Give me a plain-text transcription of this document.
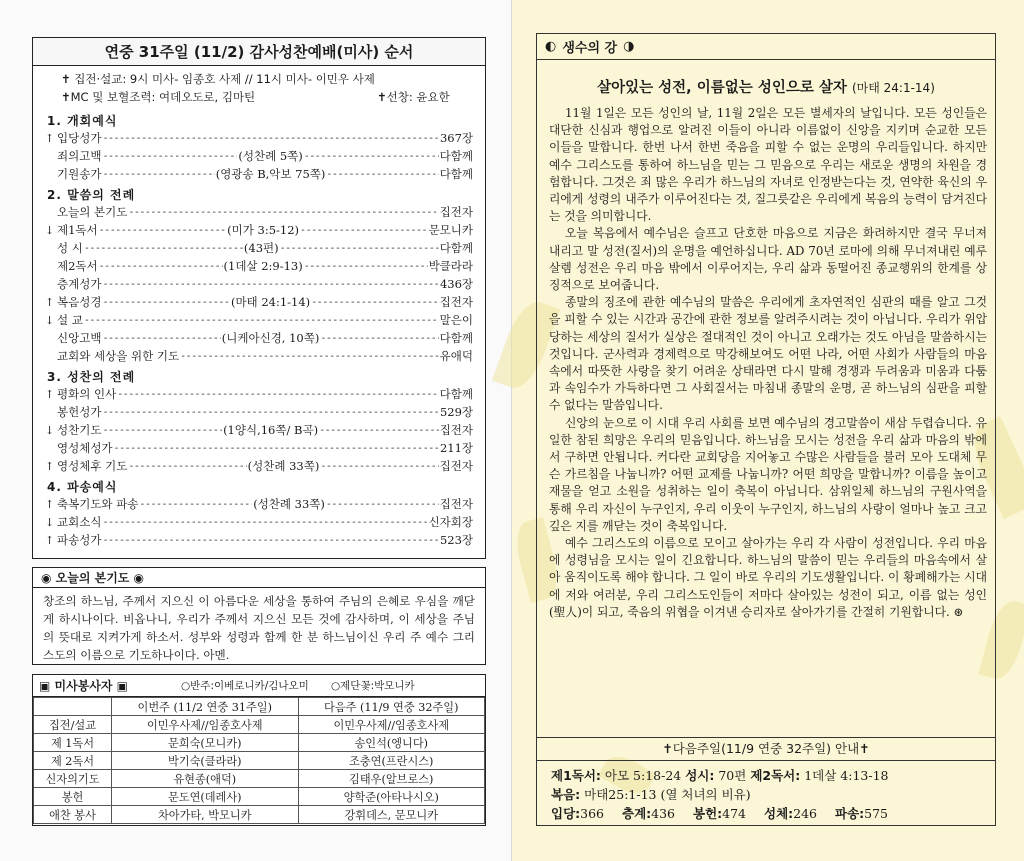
연중 31주일 (11/2) 감사성찬예배(미사) 순서
✝ 집전·설교: 9시 미사- 임종호 사제 // 11시 미사- 이민우 사제
✝MC 및 보혈조력: 여데오도로, 김마틴	✝선창: 윤요한
1. 개회예식
↑ 입당성가 -----	367장
죄의고백 -----	(성찬례 5쪽) -----	다함께
기원송가 -----	(영광송 B,악보 75쪽) -----	다함께
2. 말씀의 전례
오늘의 본기도 -----	집전자
↓ 제1독서 -----	(미가 3:5-12) -----	문모니카
성 시 -----	(43편) -----	다함께
제2독서 -----	(1데살 2:9-13) -----	박클라라
층계성가 -----	436장
↑ 복음성경 -----	(마태 24:1-14) -----	집전자
↓ 설 교 -----	말은이
신앙고백 -----	(니케아신경, 10쪽) -----	다함께
교회와 세상을 위한 기도 -----	유애덕
3. 성찬의 전례
↑ 평화의 인사 -----	다함께
봉헌성가 -----	529장
↓ 성찬기도 -----	(1양식,16쪽/ B곡) -----	집전자
영성체성가 -----	211장
↑ 영성체후 기도 -----	(성찬례 33쪽) -----	집전자
4. 파송예식
↑ 축복기도와 파송 -----	(성찬례 33쪽) -----	집전자
↓ 교회소식 -----	신자회장
↑ 파송성가 -----	523장
◉ 오늘의 본기도 ◉
창조의 하느님, 주께서 지으신 이 아름다운 세상을 통하여 주님의 은혜로 우심을 깨닫게 하시나이다. 비옵나니, 우리가 주께서 지으신 모든 것에 감사하며, 이 세상을 주님의 뜻대로 지켜가게 하소서. 성부와 성령과 함께 한 분 하느님이신 우리 주 예수 그리스도의 이름으로 기도하나이다. 아멘.
▣ 미사봉사자 ▣	○반주:이베로니카/김나오미	○제단꽃:박모니카
	이번주 (11/2 연중 31주일)	다음주 (11/9 연중 32주일)
집전/설교	이민우사제//임종호사제	이민우사제//임종호사제
제 1독서	문희숙(모니카)	송인석(엥니다)
제 2독서	박기숙(클라라)	조충연(프란시스)
신자의기도	유현종(애덕)	김태우(알브로스)
봉헌	문도연(데레사)	양학준(아타나시오)
애찬 봉사	차아가타, 박모니카	강휘데스, 문모니카
◐ 생수의 강 ◑
살아있는 성전, 이름없는 성인으로 살자 (마태 24:1-14)

11월 1일은 모든 성인의 날, 11월 2일은 모든 별세자의 날입니다. 모든 성인들은 대단한 신심과 행업으로 알려진 이들이 아니라 이름없이 신앙을 지키며 순교한 모든 이들을 말합니다. 한번 나서 한번 죽음을 피할 수 없는 운명의 우리들입니다. 하지만 예수 그리스도를 통하여 하느님을 믿는 그 믿음으로 우리는 새로운 생명의 차원을 경험합니다. 그것은 죄 많은 우리가 하느님의 자녀로 인정받는다는 것, 연약한 육신의 우리에게 성령의 내주가 이루어진다는 것, 질그릇같은 우리에게 복음의 능력이 담겨진다는 것을 의미합니다.

오늘 복음에서 예수님은 슬프고 단호한 마음으로 지금은 화려하지만 결국 무너져 내리고 말 성전(질서)의 운명을 예언하십니다. AD 70년 로마에 의해 무너져내린 예루살렘 성전은 우리 마음 밖에서 이루어지는, 우리 삶과 동떨어진 종교행위의 한계를 상징적으로 보여줍니다.

종말의 징조에 관한 예수님의 말씀은 우리에게 초자연적인 심판의 때를 알고 그것을 피할 수 있는 시간과 공간에 관한 정보를 알려주시려는 것이 아닙니다. 우리가 위압당하는 세상의 질서가 실상은 절대적인 것이 아니고 오래가는 것도 아님을 말씀하시는 것입니다. 군사력과 경제력으로 막강해보여도 어떤 나라, 어떤 사회가 사람들의 마음 속에서 따뜻한 사랑을 찾기 어려운 상태라면 다시 말해 경쟁과 두려움과 미움과 다툼과 속임수가 가득하다면 그 사회질서는 마침내 종말의 운명, 곧 하느님의 심판을 피할 수 없다는 말씀입니다.

신앙의 눈으로 이 시대 우리 사회를 보면 예수님의 경고말씀이 새삼 두렵습니다. 유일한 참된 희망은 우리의 믿음입니다. 하느님을 모시는 성전을 우리 삶과 마음의 밖에서 구하면 안됩니다. 커다란 교회당을 지어놓고 수많은 사람들을 불러 모아 도대체 무슨 가르침을 나눕니까? 어떤 교제를 나눕니까? 어떤 희망을 말합니까? 이름을 높이고 재물을 얻고 소원을 성취하는 일이 축복이 아닙니다. 삼위일체 하느님의 구원사역을 통해 우리 자신이 누구인지, 우리 이웃이 누구인지, 하느님의 사랑이 얼마나 높고 크고 깊은 지를 깨닫는 것이 축복입니다.

예수 그리스도의 이름으로 모이고 살아가는 우리 각 사람이 성전입니다. 우리 마음에 성령님을 모시는 일이 긴요합니다. 하느님의 말씀이 믿는 우리들의 마음속에서 살아 움직이도록 해야 합니다. 그 일이 바로 우리의 기도생활입니다. 이 황폐해가는 시대에 저와 여러분, 우리 그리스도인들이 저마다 살아있는 성전이 되고, 이름 없는 성인(聖人)이 되고, 죽음의 위협을 이겨낸 승리자로 살아가기를 간절히 기원합니다. ⊛

✝다음주일(11/9 연중 32주일) 안내✝
제1독서: 아모 5:18-24 성시: 70편 제2독서: 1데살 4:13-18
복음: 마태25:1-13 (열 처녀의 비유)
입당:366 층계:436 봉헌:474 성체:246 파송:575
